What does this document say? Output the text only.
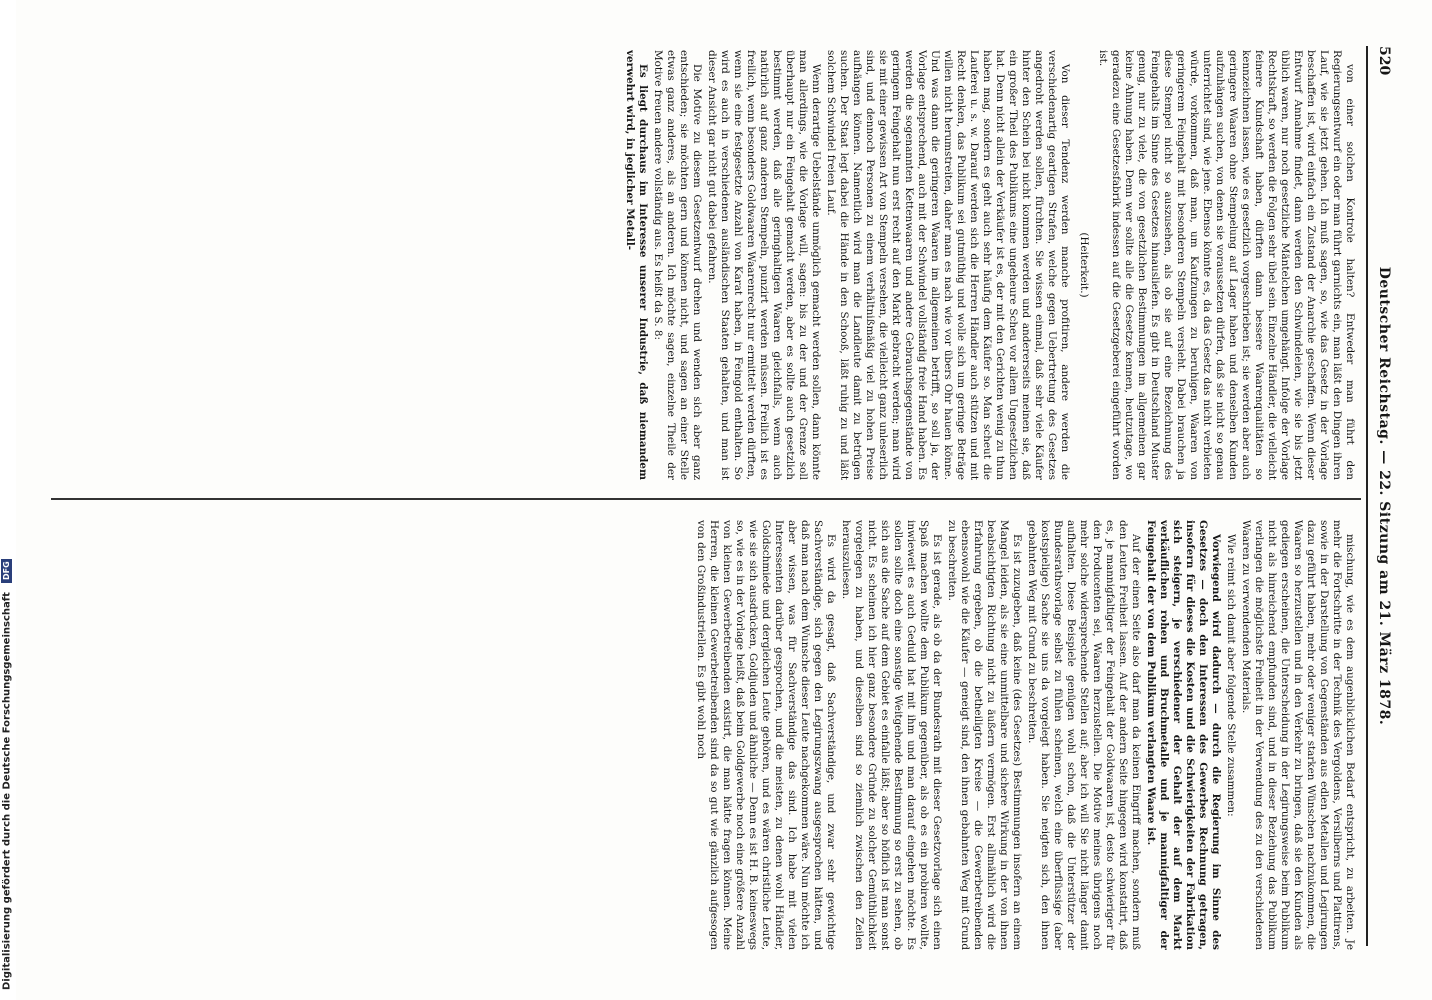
520
Deutscher Reichstag. — 22. Sitzung am 21. März 1878.

von einer solchen Kontrole halten? Entweder man führt den Regierungsentwurf ein oder man führt garnichts ein, man läßt den Dingen ihren Lauf, wie sie jetzt gehen. Ich muß sagen, so, wie das Gesetz in der Vorlage beschaffen ist, wird einfach ein Zustand der Anarchie geschaffen. Wenn dieser Entwurf Annahme findet, dann werden den Schwindeleien, wie sie bis jetzt üblich waren, nur noch gesetzliche Mäntelchen umgehängt. Infolge der Vorlage Rechtskraft, so werden die Folgen sehr übel sein. Einzelne Händler, die vielleicht feinere Kundschaft haben, dürften dann bessere Waarenqualitäten so kennzeichnen lassen, wie es gesetzlich vorgeschrieben ist; sie werden aber auch geringere Waaren ohne Stempelung auf Lager haben und denselben Kunden aufzuhängen suchen, von denen sie voraussetzen dürfen, daß sie nicht so genau unterrichtet sind, wie jene. Ebenso könnte es, da das Gesetz das nicht verbieten würde, vorkommen, daß man, um Kaufzungen zu beruhigen, Waaren von geringerem Feingehalt mit besonderen Stempeln versieht. Dabei brauchen ja diese Stempel nicht so auszusehen, als ob sie auf eine Bezeichnung des Feingehalts im Sinne des Gesetzes hinausliefen. Es gibt in Deutschland Muster genug, nur zu viele, die von gesetzlichen Bestimmungen im allgemeinen gar keine Ahnung haben. Denn wer sollte alle die Gesetze kennen, heutzutage, wo geradezu eine Gesetzesfabrik indessen auf die Gesetzgeberei eingeführt worden ist.

(Heiterkeit.)

Von dieser Tendenz werden manche profitiren, andere werden die verschiedenartig geartigen Strafen, welche gegen Uebertretung des Gesetzes angedroht werden sollen, fürchten. Sie wissen einmal, daß sehr viele Käufer hinter den Schein bei nicht kommen werden und andererseits meinen sie, daß ein großer Theil des Publikums eine ungeheure Scheu vor allem Ungesetzlichen hat. Denn nicht allein der Verkäufer ist es, der mit den Gerichten wenig zu thun haben mag, sondern es geht auch sehr häufig dem Käufer so. Man scheut die Lauferei u. s. w. Darauf werden sich die Herren Händler auch stützen und mit Recht denken, das Publikum sei gutmüthig und wolle sich um geringe Beträge willen nicht herumstreiten, daher man es nach wie vor übers Ohr hauen könne. Und was dann die geringeren Waaren im allgemeinen betrifft, so soll ja, der Vorlage entsprechend, auch mit der Schwindel vollständig freie Hand haben. Es werden die sogenannten Kettenwaaren und andere Gebrauchsgegenstände von geringem Feingehalt nun erst recht auf den Markt gebracht werden; man wird sie mit einer gewissen Art von Stempeln versehen, die vielleicht ganz unleserlich sind, und dennoch Personen zu einem verhältnißmäßig viel zu hohen Preise aufhängen können. Namentlich wird man die Landleute damit zu betrügen suchen. Der Staat legt dabei die Hände in den Schooß, läßt ruhig zu und läßt solchem Schwindel freien Lauf.

Wenn derartige Uebelstände unmöglich gemacht werden sollen, dann könnte man allerdings, wie die Vorlage will, sagen: bis zu der und der Grenze soll überhaupt nur ein Feingehalt gemacht werden, aber es sollte auch gesetzlich bestimmt werden, daß alle geringhaltigen Waaren gleichfalls, wenn auch natürlich auf ganz anderen Stempeln, punzirt werden müssen. Freilich ist es freilich, wenn besonders Goldwaaren Waarenrecht nur ermittelt werden dürften, wenn sie eine festgesetzte Anzahl von Karat haben, in Feingold enthalten. So wird es auch in verschiedenen ausländischen Staaten gehalten, und man ist dieser Ansicht gar nicht gut dabei gefahren.

Die Motive zu diesem Gesetzentwurf drehen und wenden sich aber ganz entschieden; sie möchten gern und können nicht, und sagen an einer Stelle etwas ganz anderes, als an anderen. Ich möchte sagen, einzelne Theile der Motive freuen andere vollständig aus. Es heißt da S. 8:

Es liegt durchaus im Interesse unserer Industrie, daß niemandem verwehrt wird, in jeglicher Metall-

mischung, wie es dem augenblicklichen Bedarf entspricht, zu arbeiten. Je mehr die Fortschritte in der Technik des Vergoldens, Versilberns und Plattirens, sowie in der Darstellung von Gegenständen aus edlen Metallen und Legirungen dazu geführt haben, mehr oder weniger starken Wünschen nachzukommen, die Waaren so herzustellen und in den Verkehr zu bringen, daß sie den Kunden als gediegen erscheinen, die Unterscheidung in der Legirungsweise beim Publikum nicht als hinreichend empfunden sind, und in dieser Beziehung das Publikum verlangen die möglichste Freiheit in der Verwendung des zu den verschiedenen Waaren zu verwendenden Materials.

Wie reimt sich damit aber folgende Stelle zusammen:

Vorwiegend wird dadurch — durch die Regierung im Sinne des Gesetzes — doch den Interessen des Gewerbes Rechnung getragen, insofern für dieses die Kosten und die Schwierigkeiten der Fabrikation sich steigern, je verschiedener der Gehalt der auf dem Markt verkäuflichen rohen und Bruchmetalle und je mannigfaltiger der Feingehalt der von dem Publikum verlangten Waare ist.

Auf der einen Seite also darf man da keinen Eingriff machen, sondern muß den Leuten Freiheit lassen. Auf der andern Seite hingegen wird konstatirt, daß es, je mannigfaltiger der Feingehalt der Goldwaaren ist, desto schwieriger für den Producenten sei, Waaren herzustellen. Die Motive meines übrigens noch mehr solche widersprechende Stellen auf; aber ich will Sie nicht länger damit aufhalten. Diese Beispiele genügen wohl schon, daß die Unterstützer der Bundesrathsvorlage selbst zu fühlen scheinen, welch eine überflüssige (aber kostspielige) Sache sie uns da vorgelegt haben. Sie neigten sich, den ihnen gebahnten Weg mit Grund zu beschreiten.

Es ist zuzugeben, daß keine (des Gesetzes) Bestimmungen insofern an einem Mangel leiden, als sie eine unmittelbare und sichere Wirkung in der von ihnen beabsichtigten Richtung nicht zu äußern vermögen. Erst allmählich wird die Erfahrung ergeben, ob die betheiligten Kreise — die Gewerbetreibenden ebensowohl wie die Käufer — geneigt sind, den ihnen gebahnten Weg mit Grund zu beschreiten.

Es ist gerade, als ob da der Bundesrath mit dieser Gesetzvorlage sich einen Spaß machen wollte dem Publikum gegenüber, als ob es ein probiren wollte, inwieweit es auch Geduld hat mit ihm und man darauf eingehen möchte. Es sollen sollte doch eine sonstige Weitgehende Bestimmung so erst zu sehen, ob sich aus die Sache auf dem Gebiet es einfalle läßt; aber so höflich ist man sonst nicht. Es scheinen ich hier ganz besondere Gründe zu solcher Gemüthlichkeit vorgelegen zu haben, und dieselben sind so ziemlich zwischen den Zeilen herauszulesen.

Es wird da gesagt, daß Sachverständige, und zwar sehr gewichtige Sachverständige, sich gegen den Legirungszwang ausgesprochen hätten, und daß man nach dem Wunsche dieser Leute nachgekommen wäre. Nun möchte ich aber wissen, was für Sachverständige das sind. Ich habe mit vielen Interessenten darüber gesprochen, und die meisten, zu denen wohl Händler, Goldschmiede und dergleichen Leute gehören, und es wären christliche Leute, wie sie sich ausdrücken, Goldjuden und ähnliche — Denn es ist H. B. keineswegs so, wie es in der Vorlage heißt, daß beim Goldgewerbe noch eine größere Anzahl von kleinen Gewerbetreibenden existirt, die man hätte fragen können. Meine Herren, die kleinen Gewerbetreibenden sind da so gut wie gänzlich aufgesogen von den Großindustriellen. Es gibt wohl noch

Digitalisierung gefördert durch die Deutsche Forschungsgemeinschaft DFG
